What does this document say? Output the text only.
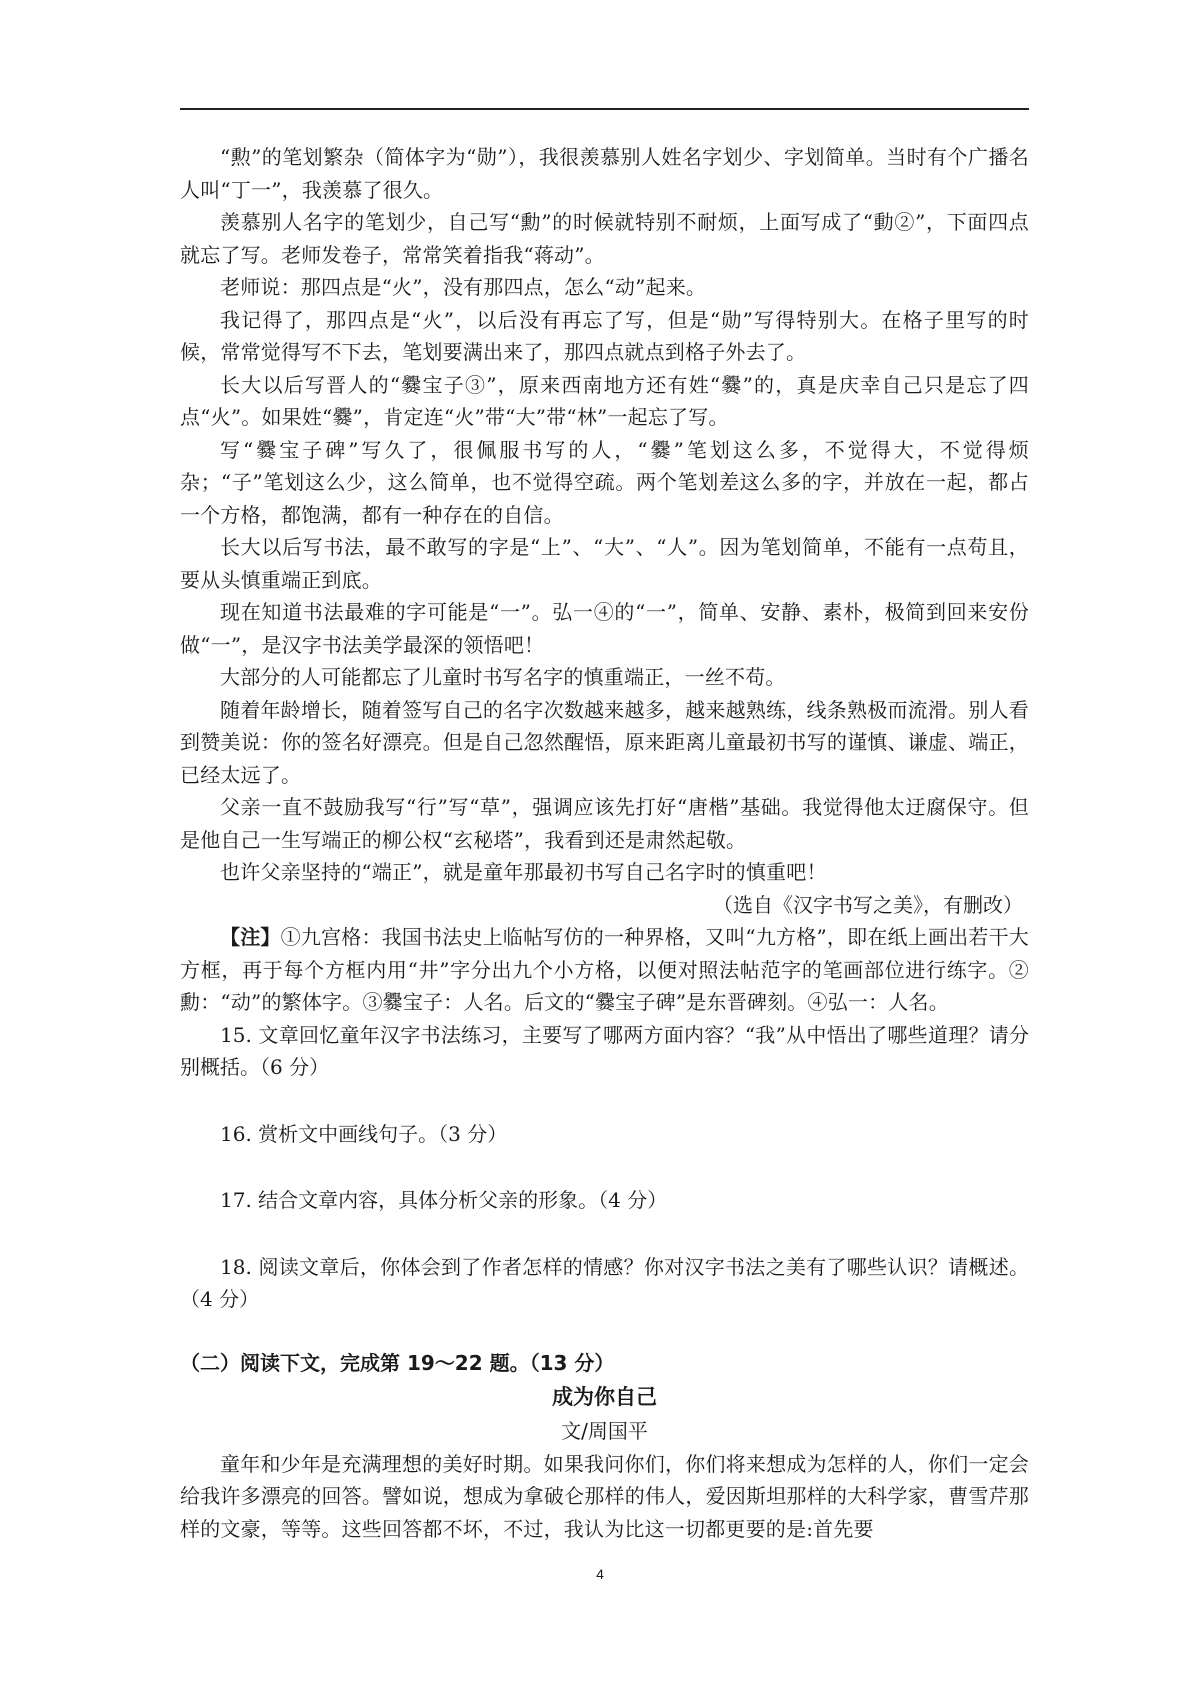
“勲”的笔划繁杂（简体字为“勋”），我很羡慕别人姓名字划少、字划简单。当时有个广播名人叫“丁一”，我羡慕了很久。

羡慕别人名字的笔划少，自己写“勳”的时候就特别不耐烦，上面写成了“動②”，下面四点就忘了写。老师发卷子，常常笑着指我“蒋动”。

老师说：那四点是“火”，没有那四点，怎么“动”起来。

我记得了，那四点是“火”，以后没有再忘了写，但是“勋”写得特别大。在格子里写的时候，常常觉得写不下去，笔划要满出来了，那四点就点到格子外去了。

长大以后写晋人的“爨宝子③”，原来西南地方还有姓“爨”的，真是庆幸自己只是忘了四点“火”。如果姓“爨”，肯定连“火”带“大”带“林”一起忘了写。

写“爨宝子碑”写久了，很佩服书写的人，“爨”笔划这么多，不觉得大，不觉得烦杂；“子”笔划这么少，这么简单，也不觉得空疏。两个笔划差这么多的字，并放在一起，都占一个方格，都饱满，都有一种存在的自信。

长大以后写书法，最不敢写的字是“上”、“大”、“人”。因为笔划简单，不能有一点苟且，要从头慎重端正到底。

现在知道书法最难的字可能是“一”。弘一④的“一”，简单、安静、素朴，极简到回来安份做“一”，是汉字书法美学最深的领悟吧！

大部分的人可能都忘了儿童时书写名字的慎重端正，一丝不苟。

随着年龄增长，随着签写自己的名字次数越来越多，越来越熟练，线条熟极而流滑。别人看到赞美说：你的签名好漂亮。但是自己忽然醒悟，原来距离儿童最初书写的谨慎、谦虚、端正，已经太远了。

父亲一直不鼓励我写“行”写“草”，强调应该先打好“唐楷”基础。我觉得他太迂腐保守。但是他自己一生写端正的柳公权“玄秘塔”，我看到还是肃然起敬。

也许父亲坚持的“端正”，就是童年那最初书写自己名字时的慎重吧！

（选自《汉字书写之美》，有删改）

【注】①九宫格：我国书法史上临帖写仿的一种界格，又叫“九方格”，即在纸上画出若干大方框，再于每个方框内用“井”字分出九个小方格，以便对照法帖范字的笔画部位进行练字。②勳：“动”的繁体字。③爨宝子：人名。后文的“爨宝子碑”是东晋碑刻。④弘一：人名。

15. 文章回忆童年汉字书法练习，主要写了哪两方面内容？“我”从中悟出了哪些道理？请分别概括。（6 分）

16. 赏析文中画线句子。（3 分）

17. 结合文章内容，具体分析父亲的形象。（4 分）

18. 阅读文章后，你体会到了作者怎样的情感？你对汉字书法之美有了哪些认识？请概述。（4 分）

（二）阅读下文，完成第 19～22 题。（13 分）

成为你自己

文/周国平

童年和少年是充满理想的美好时期。如果我问你们，你们将来想成为怎样的人，你们一定会给我许多漂亮的回答。譬如说，想成为拿破仑那样的伟人，爱因斯坦那样的大科学家，曹雪芹那样的文豪，等等。这些回答都不坏，不过，我认为比这一切都更要的是:首先要

4
